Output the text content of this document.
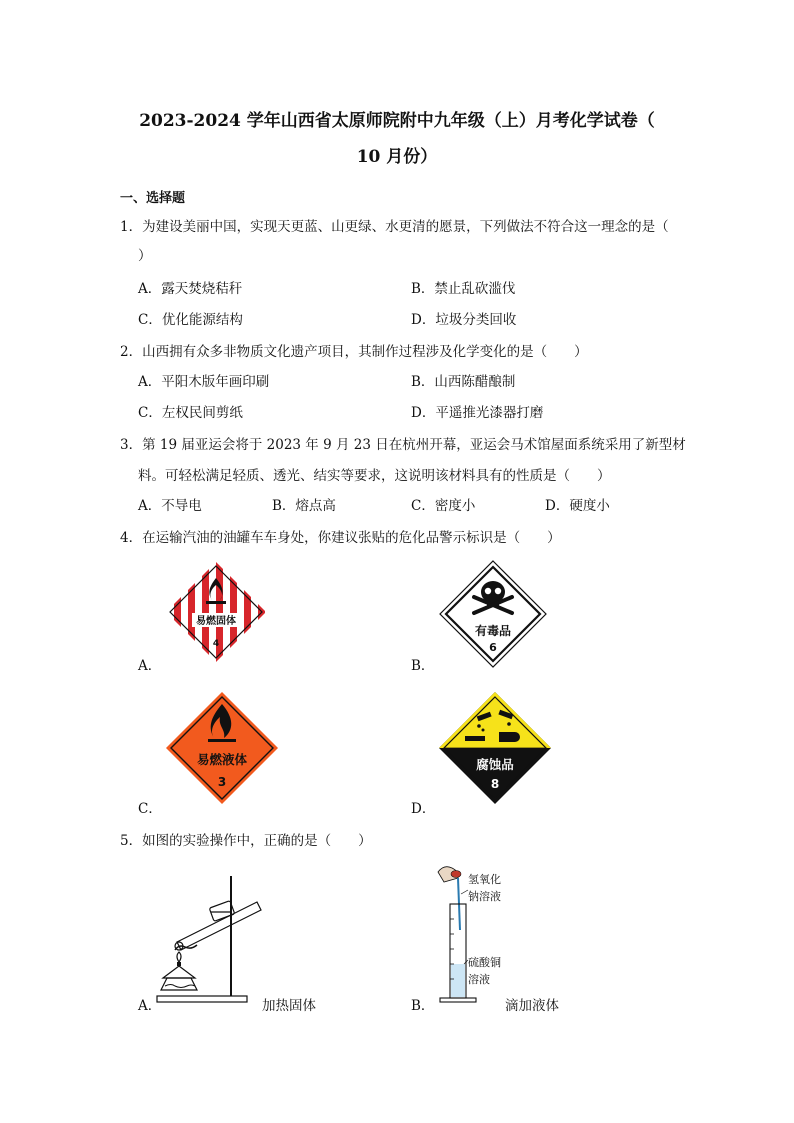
2023-2024 学年山西省太原师院附中九年级（上）月考化学试卷（
10 月份）
一、选择题
1．为建设美丽中国，实现天更蓝、山更绿、水更清的愿景，下列做法不符合这一理念的是（
）
A．露天焚烧秸秆	B．禁止乱砍滥伐
C．优化能源结构	D．垃圾分类回收
2．山西拥有众多非物质文化遗产项目，其制作过程涉及化学变化的是（　　）
A．平阳木版年画印刷	B．山西陈醋酿制
C．左权民间剪纸	D．平遥推光漆器打磨
3．第 19 届亚运会将于 2023 年 9 月 23 日在杭州开幕，亚运会马术馆屋面系统采用了新型材
料。可轻松满足轻质、透光、结实等要求，这说明该材料具有的性质是（　　）
A．不导电	B．熔点高	C．密度小	D．硬度小
4．在运输汽油的油罐车车身处，你建议张贴的危化品警示标识是（　　）
A．
易燃固体
4
B．
有毒品
6
C．
易燃液体
3
D．
腐蚀品
8
5．如图的实验操作中，正确的是（　　）
A．	加热固体	B．
氢氧化
钠溶液
硫酸铜
溶液
滴加液体
